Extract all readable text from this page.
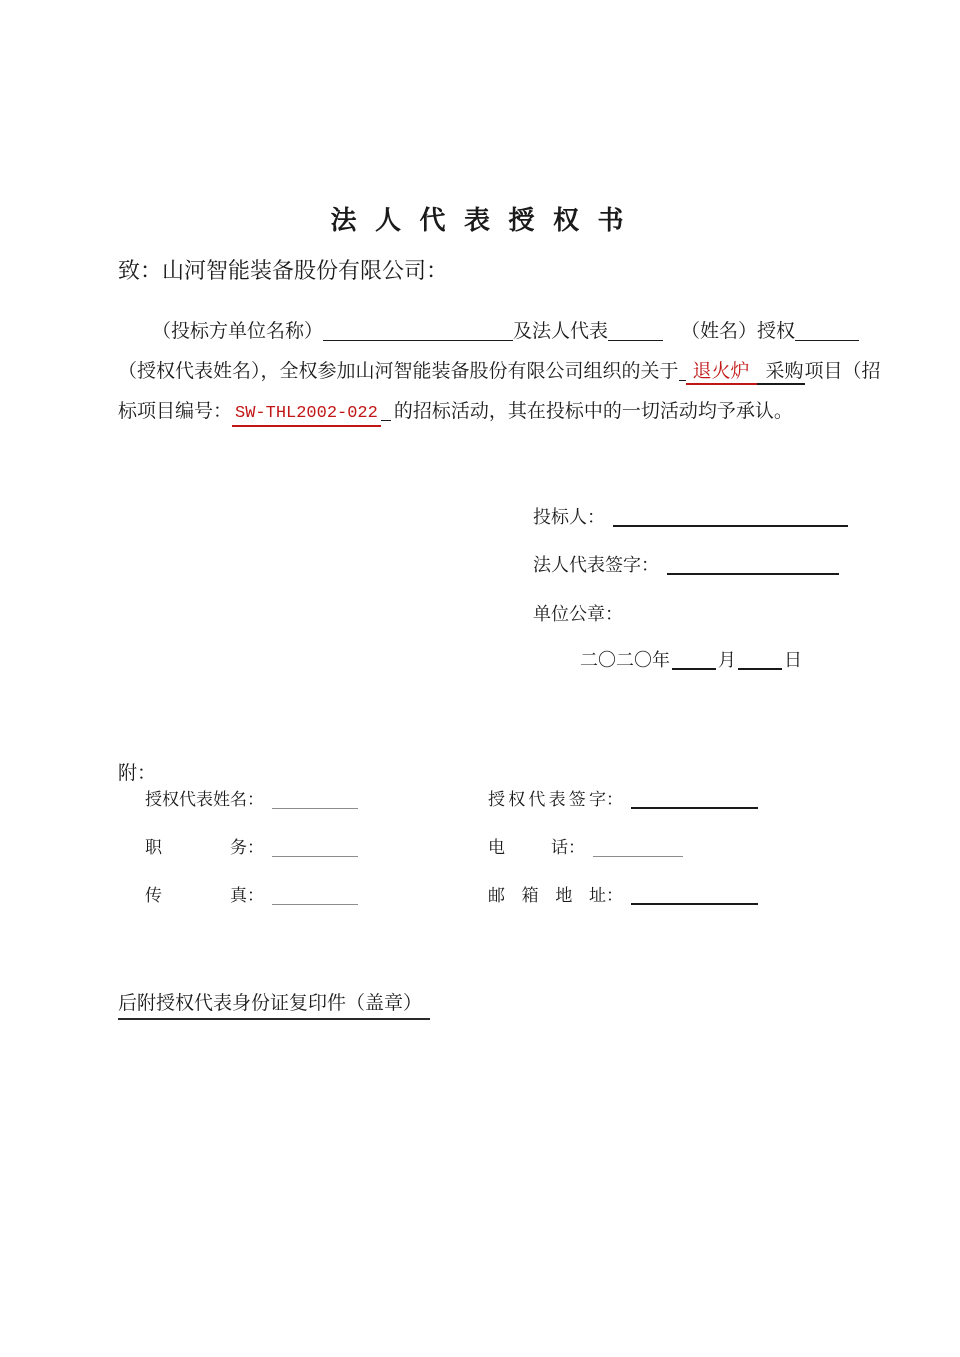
法 人 代 表 授 权 书
致：山河智能装备股份有限公司：
（投标方单位名称）	及法人代表	（姓名）授权
（授权代表姓名），全权参加山河智能装备股份有限公司组织的关于 退火炉 采购项目（招
标项目编号： SW-THL2002-022 的招标活动，其在投标中的一切活动均予承认。
投标人：
法人代表签字：
单位公章：
二〇二〇年	月	日
附：
授权代表姓名：	授权代表签字：
职务：	电话：
传真：	邮箱地址：
后附授权代表身份证复印件（盖章）
